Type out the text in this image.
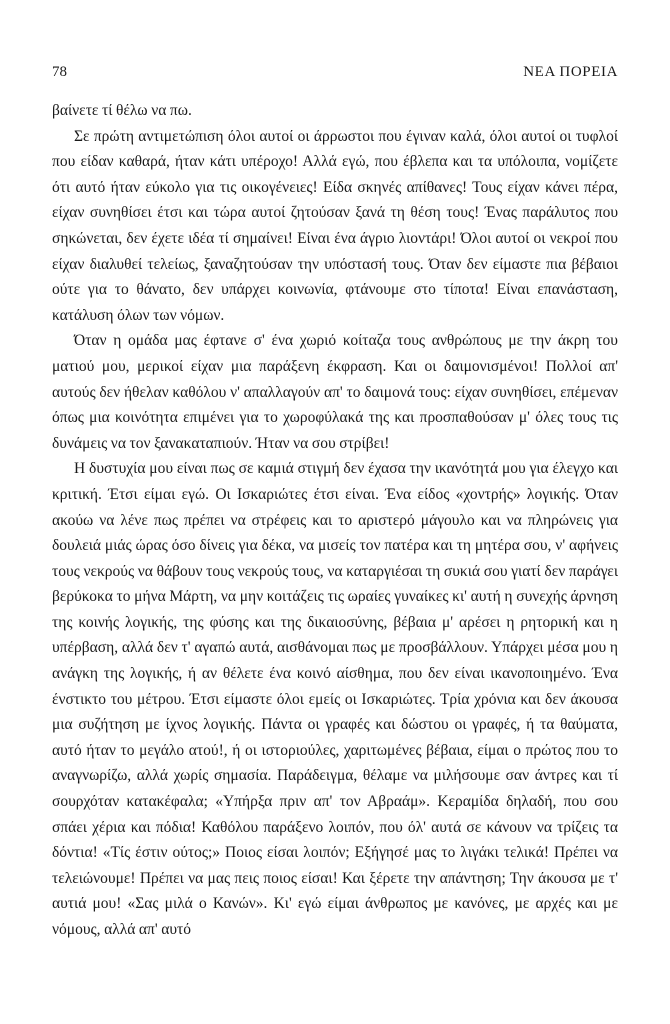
78	ΝΕΑ ΠΟΡΕΙΑ

βαίνετε τί θέλω να πω.

Σε πρώτη αντιμετώπιση όλοι αυτοί οι άρρωστοι που έγιναν καλά, όλοι αυτοί οι τυφλοί που είδαν καθαρά, ήταν κάτι υπέροχο! Αλλά εγώ, που έβλεπα και τα υπόλοιπα, νομίζετε ότι αυτό ήταν εύκολο για τις οικογένειες! Είδα σκηνές απίθανες! Τους είχαν κάνει πέρα, είχαν συνηθίσει έτσι και τώρα αυτοί ζητούσαν ξανά τη θέση τους! Ένας παράλυτος που σηκώνεται, δεν έχετε ιδέα τί σημαίνει! Είναι ένα άγριο λιοντάρι! Όλοι αυτοί οι νεκροί που είχαν διαλυθεί τελείως, ξαναζητούσαν την υπόστασή τους. Όταν δεν είμαστε πια βέβαιοι ούτε για το θάνατο, δεν υπάρχει κοινωνία, φτάνουμε στο τίποτα! Είναι επανάσταση, κατάλυση όλων των νόμων.

Όταν η ομάδα μας έφτανε σ' ένα χωριό κοίταζα τους ανθρώπους με την άκρη του ματιού μου, μερικοί είχαν μια παράξενη έκφραση. Και οι δαιμονισμένοι! Πολλοί απ' αυτούς δεν ήθελαν καθόλου ν' απαλλαγούν απ' το δαιμονά τους: είχαν συνηθίσει, επέμεναν όπως μια κοινότητα επιμένει για το χωροφύλακά της και προσπαθούσαν μ' όλες τους τις δυνάμεις να τον ξανακαταπιούν. Ήταν να σου στρίβει!

Η δυστυχία μου είναι πως σε καμιά στιγμή δεν έχασα την ικανότητά μου για έλεγχο και κριτική. Έτσι είμαι εγώ. Οι Ισκαριώτες έτσι είναι. Ένα είδος «χοντρής» λογικής. Όταν ακούω να λένε πως πρέπει να στρέφεις και το αριστερό μάγουλο και να πληρώνεις για δουλειά μιάς ώρας όσο δίνεις για δέκα, να μισείς τον πατέρα και τη μητέρα σου, ν' αφήνεις τους νεκρούς να θάβουν τους νεκρούς τους, να καταργιέσαι τη συκιά σου γιατί δεν παράγει βερύκοκα το μήνα Μάρτη, να μην κοιτάζεις τις ωραίες γυναίκες κι' αυτή η συνεχής άρνηση της κοινής λογικής, της φύσης και της δικαιοσύνης, βέβαια μ' αρέσει η ρητορική και η υπέρβαση, αλλά δεν τ' αγαπώ αυτά, αισθάνομαι πως με προσβάλλουν. Υπάρχει μέσα μου η ανάγκη της λογικής, ή αν θέλετε ένα κοινό αίσθημα, που δεν είναι ικανοποιημένο. Ένα ένστικτο του μέτρου. Έτσι είμαστε όλοι εμείς οι Ισκαριώτες. Τρία χρόνια και δεν άκουσα μια συζήτηση με ίχνος λογικής. Πάντα οι γραφές και δώστου οι γραφές, ή τα θαύματα, αυτό ήταν το μεγάλο ατού!, ή οι ιστοριούλες, χαριτωμένες βέβαια, είμαι ο πρώτος που το αναγνωρίζω, αλλά χωρίς σημασία. Παράδειγμα, θέλαμε να μιλήσουμε σαν άντρες και τί σουρχόταν κατακέφαλα; «Υπήρξα πριν απ' τον Αβραάμ». Κεραμίδα δηλαδή, που σου σπάει χέρια και πόδια! Καθόλου παράξενο λοιπόν, που όλ' αυτά σε κάνουν να τρίζεις τα δόντια! «Τίς έστιν ούτος;» Ποιος είσαι λοιπόν; Εξήγησέ μας το λιγάκι τελικά! Πρέπει να τελειώνουμε! Πρέπει να μας πεις ποιος είσαι! Και ξέρετε την απάντηση; Την άκουσα με τ' αυτιά μου! «Σας μιλά ο Κανών». Κι' εγώ είμαι άνθρωπος με κανόνες, με αρχές και με νόμους, αλλά απ' αυτό
